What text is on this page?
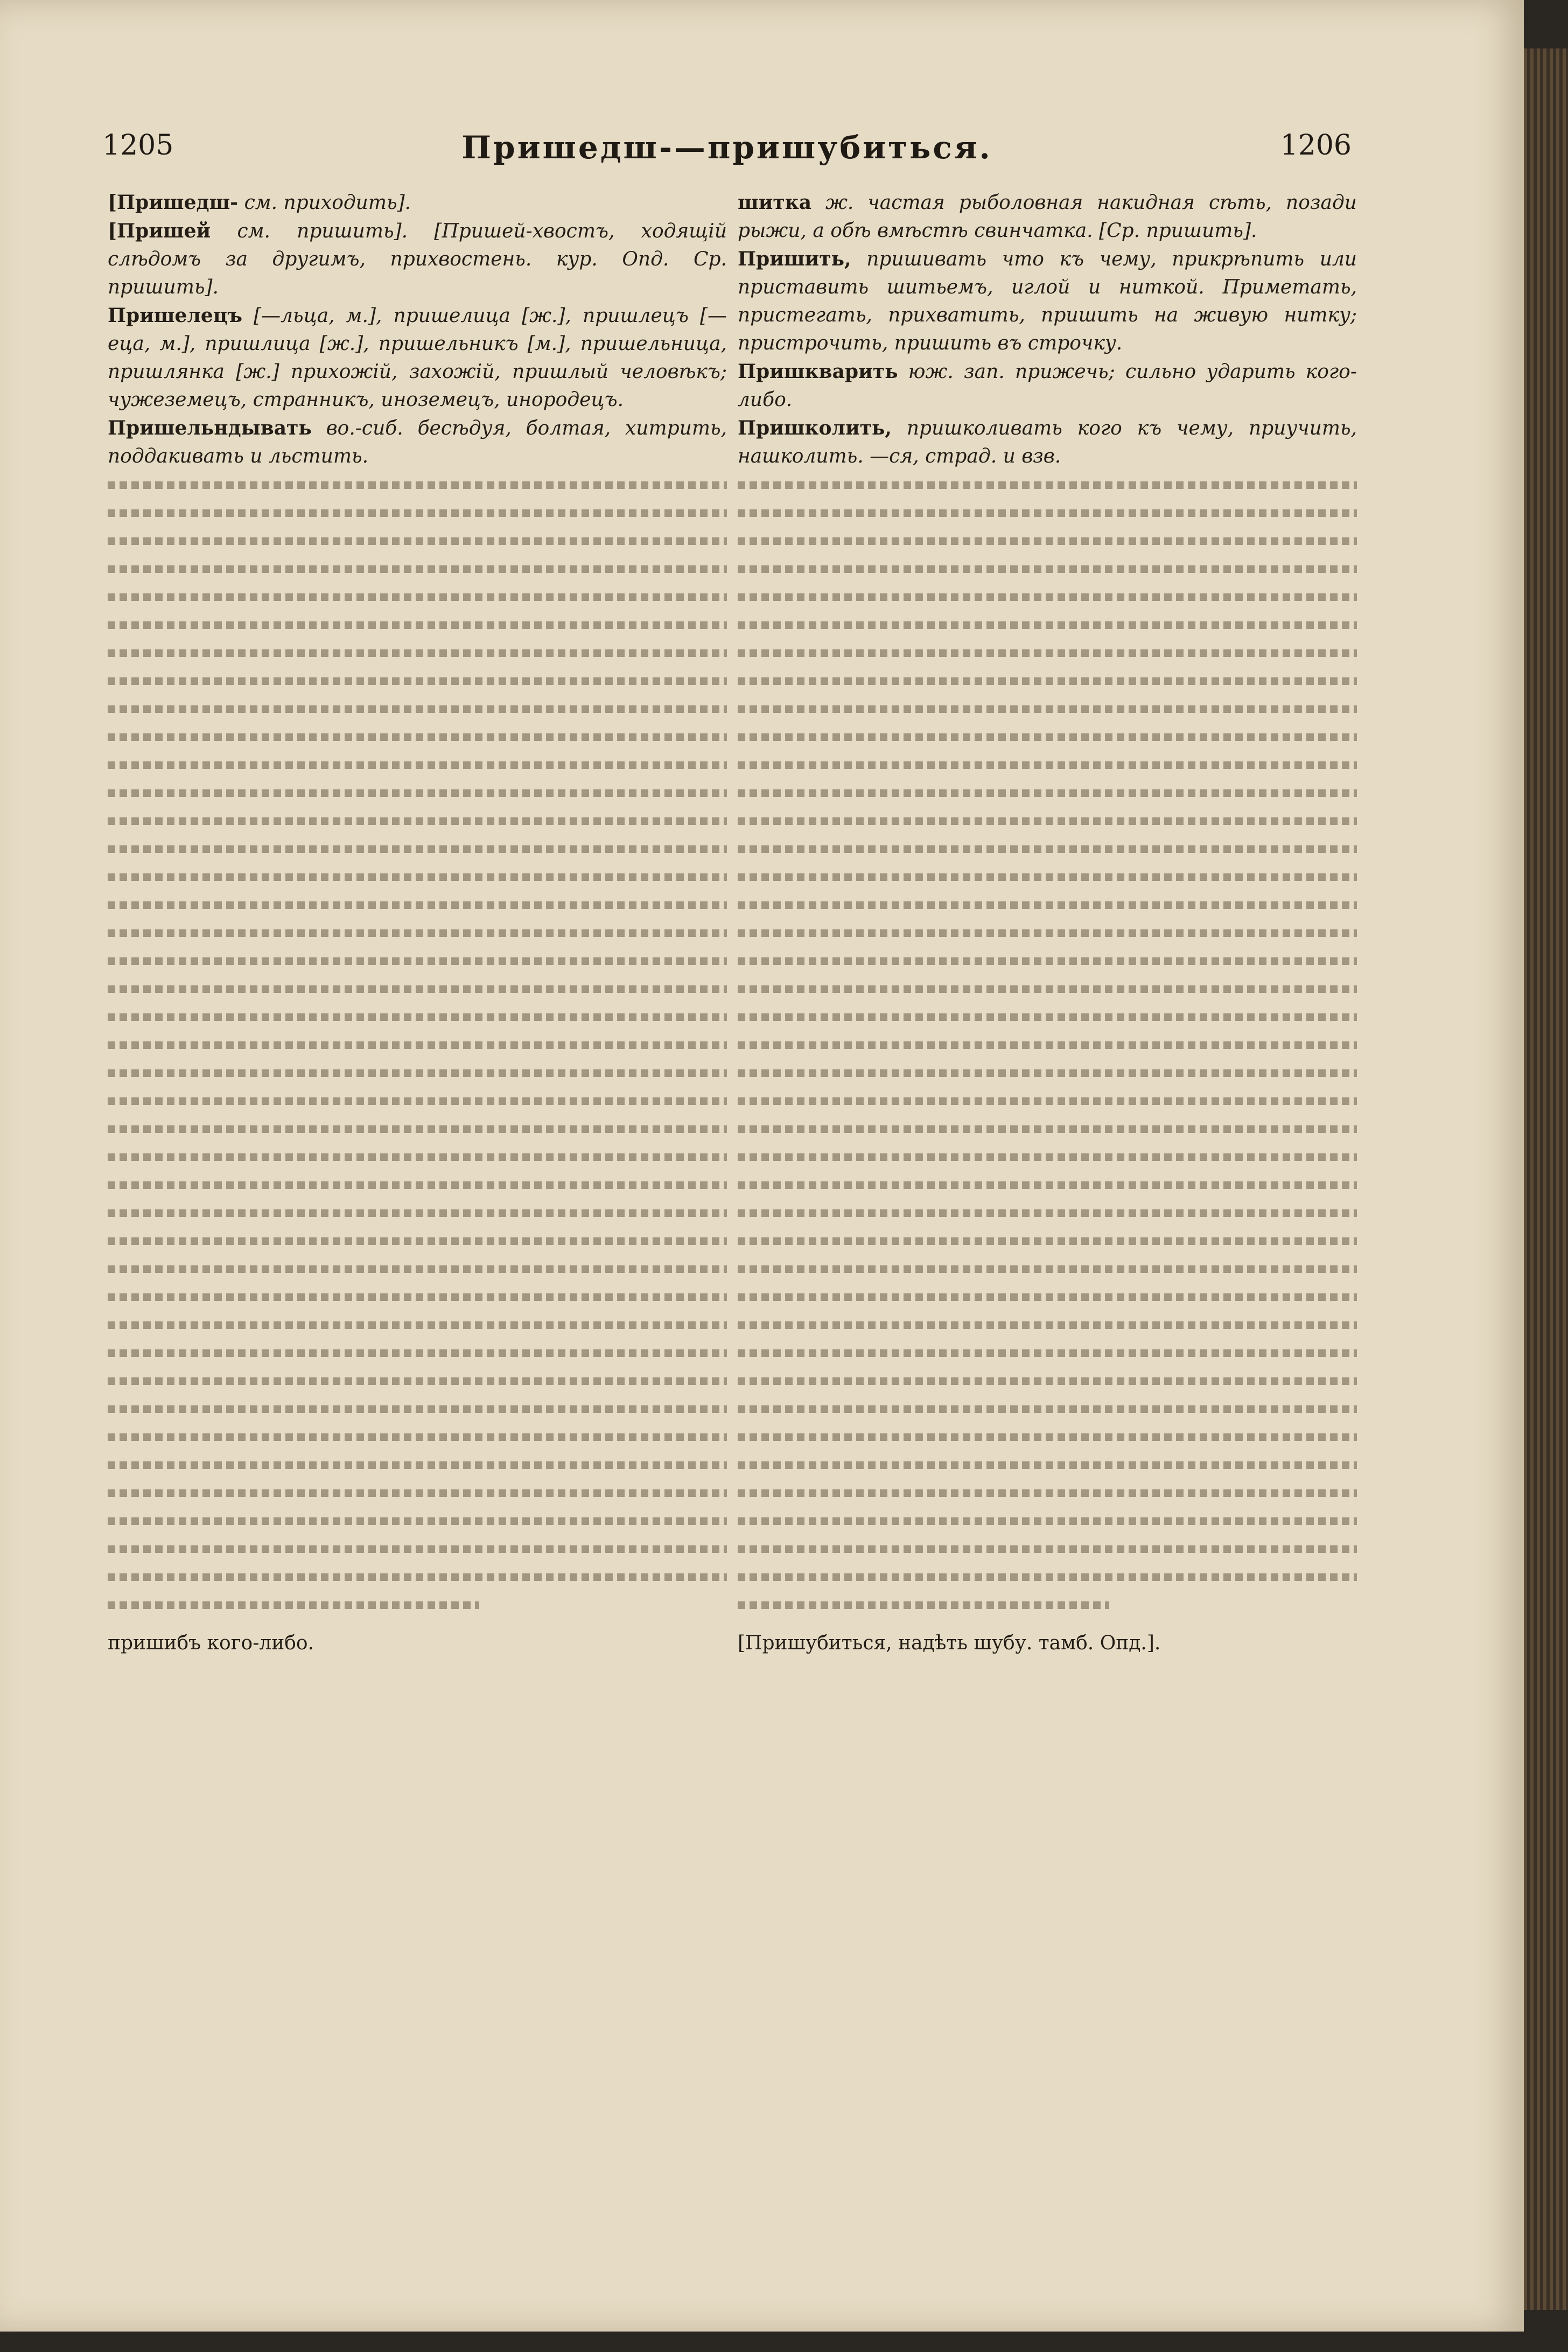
1205	Пришедш-—пришубиться.	1206
[Пришедш- см. приходить].
[Пришей см. пришить]. [Пришей-хвостъ, ходящій слѣдомъ за другимъ, прихвостень. кур. Опд. Ср. пришить].
Пришелецъ [—льца, м.], пришелица [ж.], пришлецъ [—еца, м.], пришлица [ж.], пришельникъ [м.], пришельница, пришлянка [ж.] прихожій, захожій, пришлый человѣкъ; чужеземецъ, странникъ, иноземецъ, инородецъ.
Пришельндывать во.-сиб. бесѣдуя, болтая, хитрить, поддакивать и льстить.
пришибъ кого-либо.
шитка ж. частая рыболовная накидная сѣть, позади рыжи, а обѣ вмѣстѣ свинчатка. [Ср. пришить].
Пришить, пришивать что къ чему, прикрѣпить или приставить шитьемъ, иглой и ниткой. Приметать, пристегать, прихватить, пришить на живую нитку; пристрочить, пришить въ строчку.
Пришкварить юж. зап. прижечь; сильно ударить кого-либо.
Пришколить, пришколивать кого къ чему, приучить, нашколить. —ся, страд. и взв.
[Пришубиться, надѣть шубу. тамб. Опд.].
